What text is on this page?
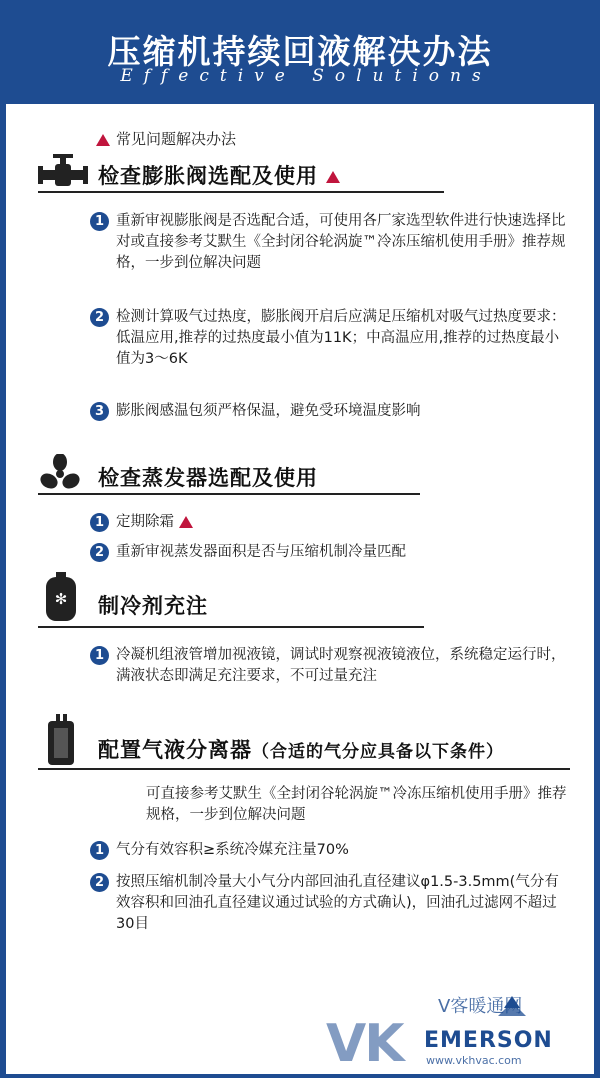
压缩机持续回液解决办法
Effective Solutions
常见问题解决办法
检查膨胀阀选配及使用
1 重新审视膨胀阀是否选配合适，可使用各厂家选型软件进行快速选择比对或直接参考艾默生《全封闭谷轮涡旋™冷冻压缩机使用手册》推荐规格，一步到位解决问题
2 检测计算吸气过热度，膨胀阀开启后应满足压缩机对吸气过热度要求：低温应用,推荐的过热度最小值为11K；中高温应用,推荐的过热度最小值为3～6K
3 膨胀阀感温包须严格保温，避免受环境温度影响
检查蒸发器选配及使用
1 定期除霜
2 重新审视蒸发器面积是否与压缩机制冷量匹配
✻ 制冷剂充注
1 冷凝机组液管增加视液镜，调试时观察视液镜液位，系统稳定运行时，满液状态即满足充注要求，不可过量充注
配置气液分离器（合适的气分应具备以下条件）
可直接参考艾默生《全封闭谷轮涡旋™冷冻压缩机使用手册》推荐规格，一步到位解决问题
1 气分有效容积≥系统冷媒充注量70%
2 按照压缩机制冷量大小气分内部回油孔直径建议φ1.5-3.5mm(气分有效容积和回油孔直径建议通过试验的方式确认)，回油孔过滤网不超过30目
VK EMERSON
V客暖通网
www.vkhvac.com
